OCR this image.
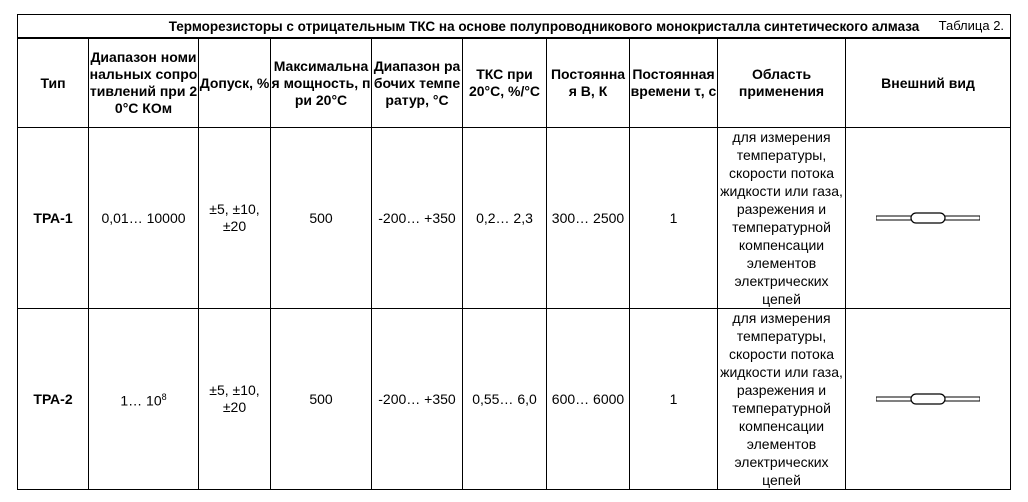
Терморезисторы с отрицательным ТКС на основе полупроводникового монокристалла синтетического алмаза Таблица 2.									

Тип	Диапазон номинальных сопротивлений при 20°С КОм	Допуск, %	Максимальная мощность, при 20°С	Диапазон рабочих температур, °С	ТКС при 20°С, %/°С	Постоянная В, К	Постоянная времени τ, с	Область применения	Внешний вид
ТРА-1	0,01… 10000	±5, ±10, ±20	500	-200… +350	0,2… 2,3	300… 2500	1	для измерения температуры, скорости потока жидкости или газа, разрежения и температурной компенсации элементов электрических цепей	

ТРА-2	1… $10^8$	±5, ±10, ±20	500	-200… +350	0,55… 6,0	600… 6000	1	для измерения температуры, скорости потока жидкости или газа, разрежения и температурной компенсации элементов электрических цепей	
